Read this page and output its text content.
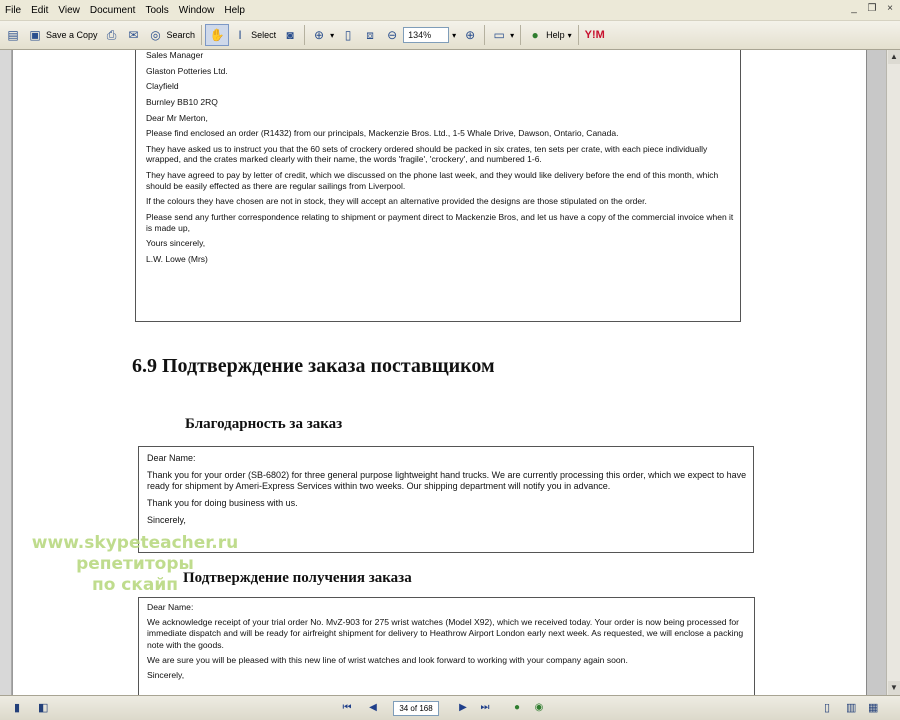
File	Edit	View	Document	Tools	Window	Help	_	❐	×
▤ ▣ Save a Copy ⎙ ✉ ◎ Search ✋	I	Select ◙	⊕ ▾ ▯	⧈	⊖	134%	▾ ⊕ ▭ ▾	● Help ▾ Y!M

Sales Manager

Glaston Potteries Ltd.

Clayfield

Burnley BB10 2RQ

Dear Mr Merton,

Please find enclosed an order (R1432) from our principals, Mackenzie Bros. Ltd., 1-5 Whale Drive, Dawson, Ontario, Canada.

They have asked us to instruct you that the 60 sets of crockery ordered should be packed in six crates, ten sets per crate, with each piece individually wrapped, and the crates marked clearly with their name, the words 'fragile', 'crockery', and numbered 1-6.

They have agreed to pay by letter of credit, which we discussed on the phone last week, and they would like delivery before the end of this month, which should be easily effected as there are regular sailings from Liverpool.

If the colours they have chosen are not in stock, they will accept an alternative provided the designs are those stipulated on the order.

Please send any further correspondence relating to shipment or payment direct to Mackenzie Bros, and let us have a copy of the commercial invoice when it is made up,

Yours sincerely,

L.W. Lowe (Mrs)

6.9 Подтверждение заказа поставщиком
Благодарность за заказ

Dear Name:

Thank you for your order (SB-6802) for three general purpose lightweight hand trucks. We are currently processing this order, which we expect to have ready for shipment by Ameri-Express Services within two weeks. Our shipping department will notify you in advance.

Thank you for doing business with us.

Sincerely,

Подтверждение получения заказа

Dear Name:

We acknowledge receipt of your trial order No. MvZ-903 for 275 wrist watches (Model X92), which we received today. Your order is now being processed for immediate dispatch and will be ready for airfreight shipment for delivery to Heathrow Airport London early next week. As requested, we will enclose a packing note with the goods.

We are sure you will be pleased with this new line of wrist watches and look forward to working with your company again soon.

Sincerely,

www.skypeteacher.ru
репетиторы
по скайп
▲
▼
▮ ◧	⏮	◀	34 of 168	▶	⏭	●	◉	▯ ▥ ▦
